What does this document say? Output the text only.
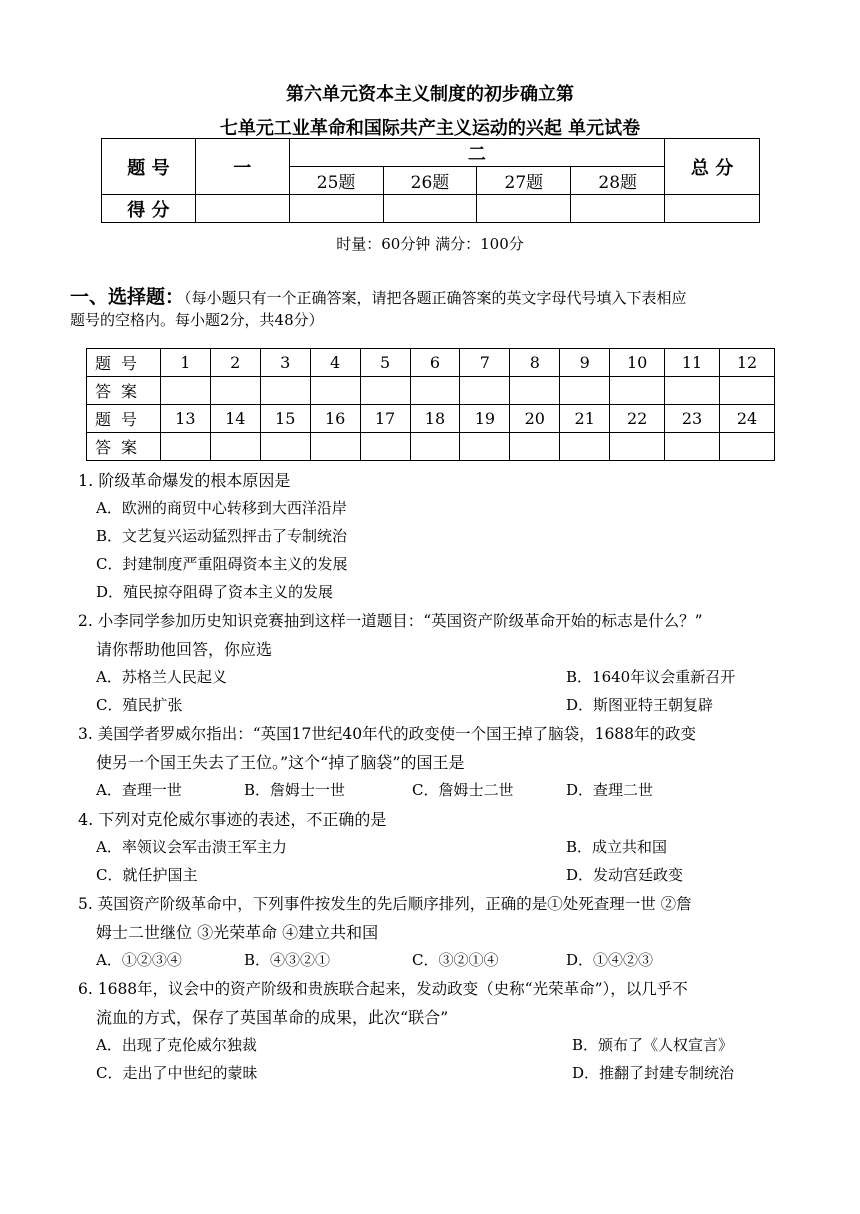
第六单元资本主义制度的初步确立第
七单元工业革命和国际共产主义运动的兴起 单元试卷
题 号	一	二				总 分
		25题	26题	27题	28题	
得 分						
时量：60分钟 满分：100分
一、选择题：（每小题只有一个正确答案，请把各题正确答案的英文字母代号填入下表相应
题号的空格内。每小题2分，共48分）
题号	1	2	3	4	5	6	7	8	9	10	11	12
答案												
题号	13	14	15	16	17	18	19	20	21	22	23	24
答案												
1. 阶级革命爆发的根本原因是
A．欧洲的商贸中心转移到大西洋沿岸
B．文艺复兴运动猛烈抨击了专制统治
C．封建制度严重阻碍资本主义的发展
D．殖民掠夺阻碍了资本主义的发展
2. 小李同学参加历史知识竞赛抽到这样一道题目：“英国资产阶级革命开始的标志是什么？”
请你帮助他回答，你应选
A．苏格兰人民起义	B．1640年议会重新召开
C．殖民扩张	D．斯图亚特王朝复辟
3. 美国学者罗威尔指出：“英国17世纪40年代的政变使一个国王掉了脑袋，1688年的政变
使另一个国王失去了王位。”这个“掉了脑袋”的国王是
A．查理一世	B．詹姆士一世	C．詹姆士二世	D．查理二世
4. 下列对克伦威尔事迹的表述，不正确的是
A．率领议会军击溃王军主力	B．成立共和国
C．就任护国主	D．发动宫廷政变
5. 英国资产阶级革命中，下列事件按发生的先后顺序排列，正确的是①处死查理一世 ②詹
姆士二世继位 ③光荣革命 ④建立共和国
A．①②③④	B．④③②①	C．③②①④	D．①④②③
6. 1688年，议会中的资产阶级和贵族联合起来，发动政变（史称“光荣革命”），以几乎不
流血的方式，保存了英国革命的成果，此次“联合”
A．出现了克伦威尔独裁	B．颁布了《人权宣言》
C．走出了中世纪的蒙昧	D．推翻了封建专制统治
